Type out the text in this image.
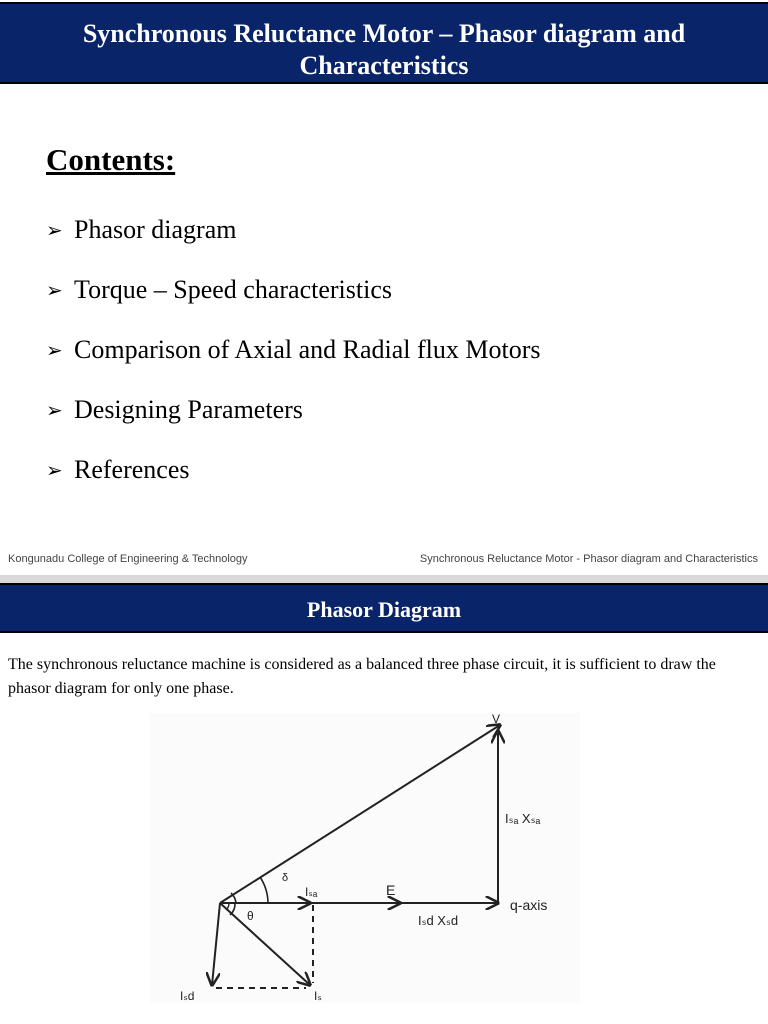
Synchronous Reluctance Motor – Phasor diagram and Characteristics
Contents:
➢ Phasor diagram
➢ Torque – Speed characteristics
➢ Comparison of Axial and Radial flux Motors
➢ Designing Parameters
➢ References
Kongunadu College of Engineering & Technology	Synchronous Reluctance Motor - Phasor diagram and Characteristics
Phasor Diagram

The synchronous reluctance machine is considered as a balanced three phase circuit, it is sufficient to draw the phasor diagram for only one phase.

V
Iₛₐ Xₛₐ
δ
Iₛₐ	E
q-axis
Iₛd Xₛd
θ
Iₛd	Iₛ
